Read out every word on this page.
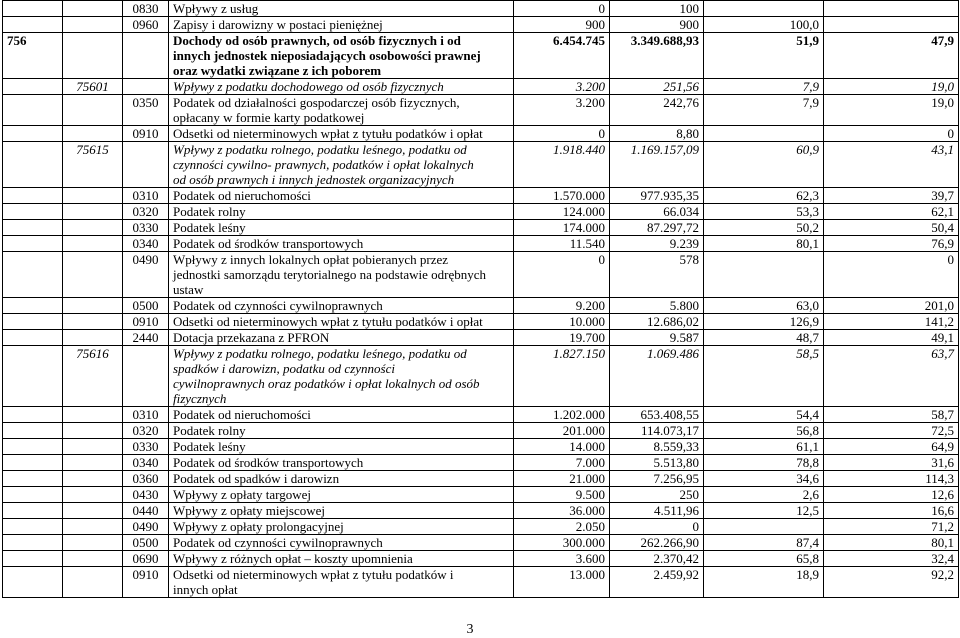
		0830	Wpływy z usług	0	100		
		0960	Zapisy i darowizny w postaci pieniężnej	900	900	100,0	
756			Dochody od osób prawnych, od osób fizycznych i od
innych jednostek nieposiadających osobowości prawnej
oraz wydatki związane z ich poborem	6.454.745	3.349.688,93	51,9	47,9
	75601		Wpływy z podatku dochodowego od osób fizycznych	3.200	251,56	7,9	19,0
		0350	Podatek od działalności gospodarczej osób fizycznych,
opłacany w formie karty podatkowej	3.200	242,76	7,9	19,0
		0910	Odsetki od nieterminowych wpłat z tytułu podatków i opłat	0	8,80		0
	75615		Wpływy z podatku rolnego, podatku leśnego, podatku od
czynności cywilno- prawnych, podatków i opłat lokalnych
od osób prawnych i innych jednostek organizacyjnych	1.918.440	1.169.157,09	60,9	43,1
		0310	Podatek od nieruchomości	1.570.000	977.935,35	62,3	39,7
		0320	Podatek rolny	124.000	66.034	53,3	62,1
		0330	Podatek leśny	174.000	87.297,72	50,2	50,4
		0340	Podatek od środków transportowych	11.540	9.239	80,1	76,9
		0490	Wpływy z innych lokalnych opłat pobieranych przez
jednostki samorządu terytorialnego na podstawie odrębnych
ustaw	0	578		0
		0500	Podatek od czynności cywilnoprawnych	9.200	5.800	63,0	201,0
		0910	Odsetki od nieterminowych wpłat z tytułu podatków i opłat	10.000	12.686,02	126,9	141,2
		2440	Dotacja przekazana z PFRON	19.700	9.587	48,7	49,1
	75616		Wpływy z podatku rolnego, podatku leśnego, podatku od
spadków i darowizn, podatku od czynności
cywilnoprawnych oraz podatków i opłat lokalnych od osób
fizycznych	1.827.150	1.069.486	58,5	63,7
		0310	Podatek od nieruchomości	1.202.000	653.408,55	54,4	58,7
		0320	Podatek rolny	201.000	114.073,17	56,8	72,5
		0330	Podatek leśny	14.000	8.559,33	61,1	64,9
		0340	Podatek od środków transportowych	7.000	5.513,80	78,8	31,6
		0360	Podatek od spadków i darowizn	21.000	7.256,95	34,6	114,3
		0430	Wpływy z opłaty targowej	9.500	250	2,6	12,6
		0440	Wpływy z opłaty miejscowej	36.000	4.511,96	12,5	16,6
		0490	Wpływy z opłaty prolongacyjnej	2.050	0		71,2
		0500	Podatek od czynności cywilnoprawnych	300.000	262.266,90	87,4	80,1
		0690	Wpływy z różnych opłat – koszty upomnienia	3.600	2.370,42	65,8	32,4
		0910	Odsetki od nieterminowych wpłat z tytułu podatków i
innych opłat	13.000	2.459,92	18,9	92,2
3
